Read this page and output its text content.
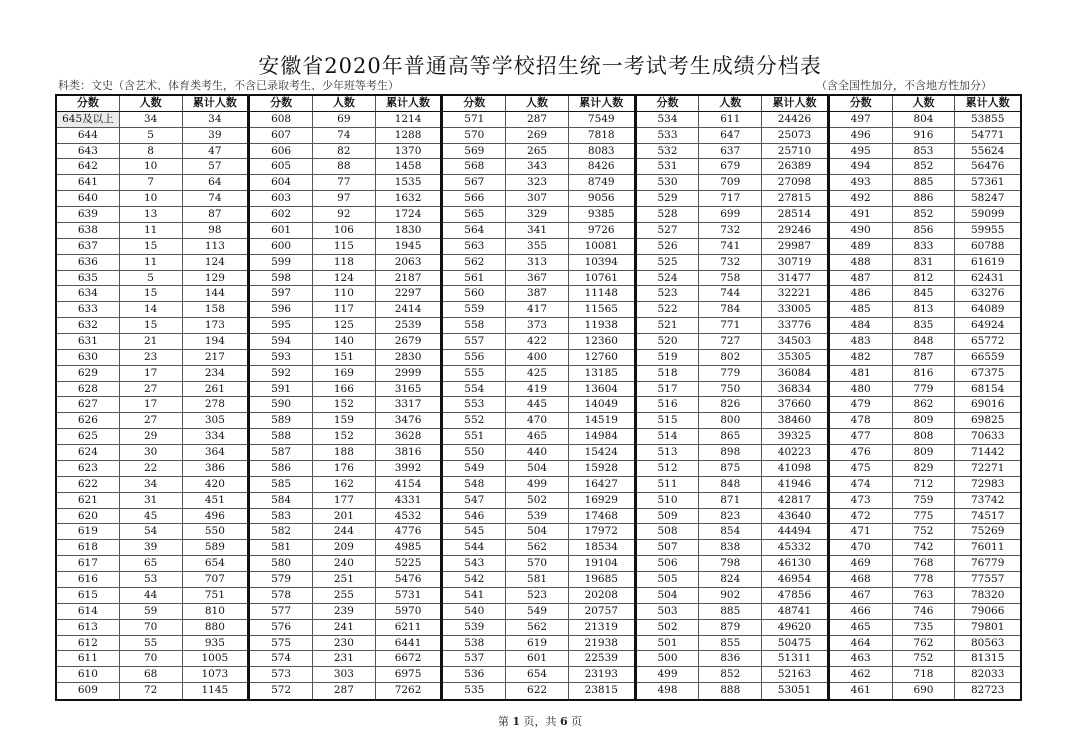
安徽省2020年普通高等学校招生统一考试考生成绩分档表
科类：文史（含艺术、体育类考生，不含已录取考生、少年班等考生）	（含全国性加分，不含地方性加分）
分数	人数	累计人数
645及以上	34	34
644	5	39
643	8	47
642	10	57
641	7	64
640	10	74
639	13	87
638	11	98
637	15	113
636	11	124
635	5	129
634	15	144
633	14	158
632	15	173
631	21	194
630	23	217
629	17	234
628	27	261
627	17	278
626	27	305
625	29	334
624	30	364
623	22	386
622	34	420
621	31	451
620	45	496
619	54	550
618	39	589
617	65	654
616	53	707
615	44	751
614	59	810
613	70	880
612	55	935
611	70	1005
610	68	1073
609	72	1145
分数	人数	累计人数
608	69	1214
607	74	1288
606	82	1370
605	88	1458
604	77	1535
603	97	1632
602	92	1724
601	106	1830
600	115	1945
599	118	2063
598	124	2187
597	110	2297
596	117	2414
595	125	2539
594	140	2679
593	151	2830
592	169	2999
591	166	3165
590	152	3317
589	159	3476
588	152	3628
587	188	3816
586	176	3992
585	162	4154
584	177	4331
583	201	4532
582	244	4776
581	209	4985
580	240	5225
579	251	5476
578	255	5731
577	239	5970
576	241	6211
575	230	6441
574	231	6672
573	303	6975
572	287	7262
分数	人数	累计人数
571	287	7549
570	269	7818
569	265	8083
568	343	8426
567	323	8749
566	307	9056
565	329	9385
564	341	9726
563	355	10081
562	313	10394
561	367	10761
560	387	11148
559	417	11565
558	373	11938
557	422	12360
556	400	12760
555	425	13185
554	419	13604
553	445	14049
552	470	14519
551	465	14984
550	440	15424
549	504	15928
548	499	16427
547	502	16929
546	539	17468
545	504	17972
544	562	18534
543	570	19104
542	581	19685
541	523	20208
540	549	20757
539	562	21319
538	619	21938
537	601	22539
536	654	23193
535	622	23815
分数	人数	累计人数
534	611	24426
533	647	25073
532	637	25710
531	679	26389
530	709	27098
529	717	27815
528	699	28514
527	732	29246
526	741	29987
525	732	30719
524	758	31477
523	744	32221
522	784	33005
521	771	33776
520	727	34503
519	802	35305
518	779	36084
517	750	36834
516	826	37660
515	800	38460
514	865	39325
513	898	40223
512	875	41098
511	848	41946
510	871	42817
509	823	43640
508	854	44494
507	838	45332
506	798	46130
505	824	46954
504	902	47856
503	885	48741
502	879	49620
501	855	50475
500	836	51311
499	852	52163
498	888	53051
分数	人数	累计人数
497	804	53855
496	916	54771
495	853	55624
494	852	56476
493	885	57361
492	886	58247
491	852	59099
490	856	59955
489	833	60788
488	831	61619
487	812	62431
486	845	63276
485	813	64089
484	835	64924
483	848	65772
482	787	66559
481	816	67375
480	779	68154
479	862	69016
478	809	69825
477	808	70633
476	809	71442
475	829	72271
474	712	72983
473	759	73742
472	775	74517
471	752	75269
470	742	76011
469	768	76779
468	778	77557
467	763	78320
466	746	79066
465	735	79801
464	762	80563
463	752	81315
462	718	82033
461	690	82723
第 1 页，共 6 页
